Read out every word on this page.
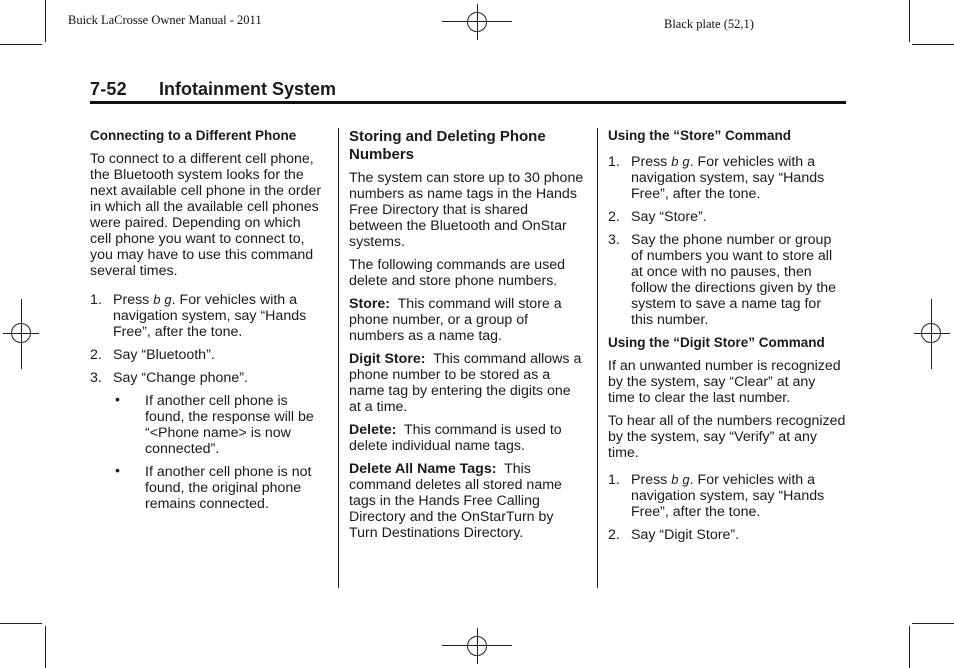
Buick LaCrosse Owner Manual - 2011	Black plate (52,1)
7-52 Infotainment System
Connecting to a Different Phone

To connect to a different cell phone, the Bluetooth system looks for the next available cell phone in the order in which all the available cell phones were paired. Depending on which cell phone you want to connect to, you may have to use this command several times.

1. Press b g. For vehicles with a navigation system, say “Hands Free”, after the tone.
2. Say “Bluetooth”.
3. Say “Change phone”.
• If another cell phone is found, the response will be “<Phone name> is now connected”.
• If another cell phone is not found, the original phone remains connected.
Storing and Deleting Phone Numbers

The system can store up to 30 phone numbers as name tags in the Hands Free Directory that is shared between the Bluetooth and OnStar systems.

The following commands are used delete and store phone numbers.

Store: This command will store a phone number, or a group of numbers as a name tag.

Digit Store: This command allows a phone number to be stored as a name tag by entering the digits one at a time.

Delete: This command is used to delete individual name tags.

Delete All Name Tags: This command deletes all stored name tags in the Hands Free Calling Directory and the OnStarTurn by Turn Destinations Directory.

Using the “Store” Command
1. Press b g. For vehicles with a navigation system, say “Hands Free”, after the tone.
2. Say “Store”.
3. Say the phone number or group of numbers you want to store all at once with no pauses, then follow the directions given by the system to save a name tag for this number.
Using the “Digit Store” Command

If an unwanted number is recognized by the system, say “Clear” at any time to clear the last number.

To hear all of the numbers recognized by the system, say “Verify” at any time.

1. Press b g. For vehicles with a navigation system, say “Hands Free”, after the tone.
2. Say “Digit Store”.
